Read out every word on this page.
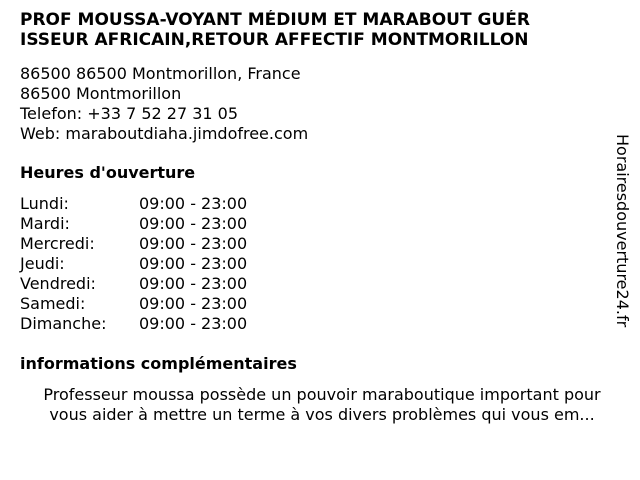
PROF MOUSSA-VOYANT MÉDIUM ET MARABOUT GUÉR
ISSEUR AFRICAIN,RETOUR AFFECTIF MONTMORILLON
86500 86500 Montmorillon, France
86500 Montmorillon
Telefon: +33 7 52 27 31 05
Web: maraboutdiaha.jimdofree.com
Heures d'ouverture
Lundi:	09:00 - 23:00
Mardi:	09:00 - 23:00
Mercredi:	09:00 - 23:00
Jeudi:	09:00 - 23:00
Vendredi:	09:00 - 23:00
Samedi:	09:00 - 23:00
Dimanche:	09:00 - 23:00
informations complémentaires
Professeur moussa possède un pouvoir maraboutique important pour
vous aider à mettre un terme à vos divers problèmes qui vous em...
Horairesdouverture24.fr
